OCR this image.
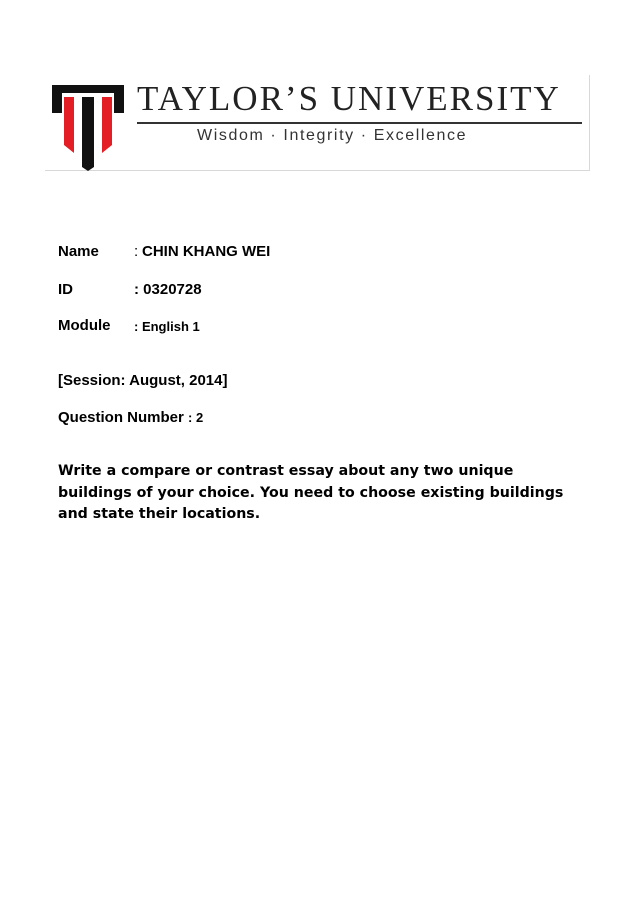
TAYLOR’S UNIVERSITY
Wisdom · Integrity · Excellence
Name : CHIN KHANG WEI
ID	: 0320728
Module : English 1
[Session: August, 2014]
Question Number : 2

Write a compare or contrast essay about any two unique buildings of your choice. You need to choose existing buildings and state their locations.
